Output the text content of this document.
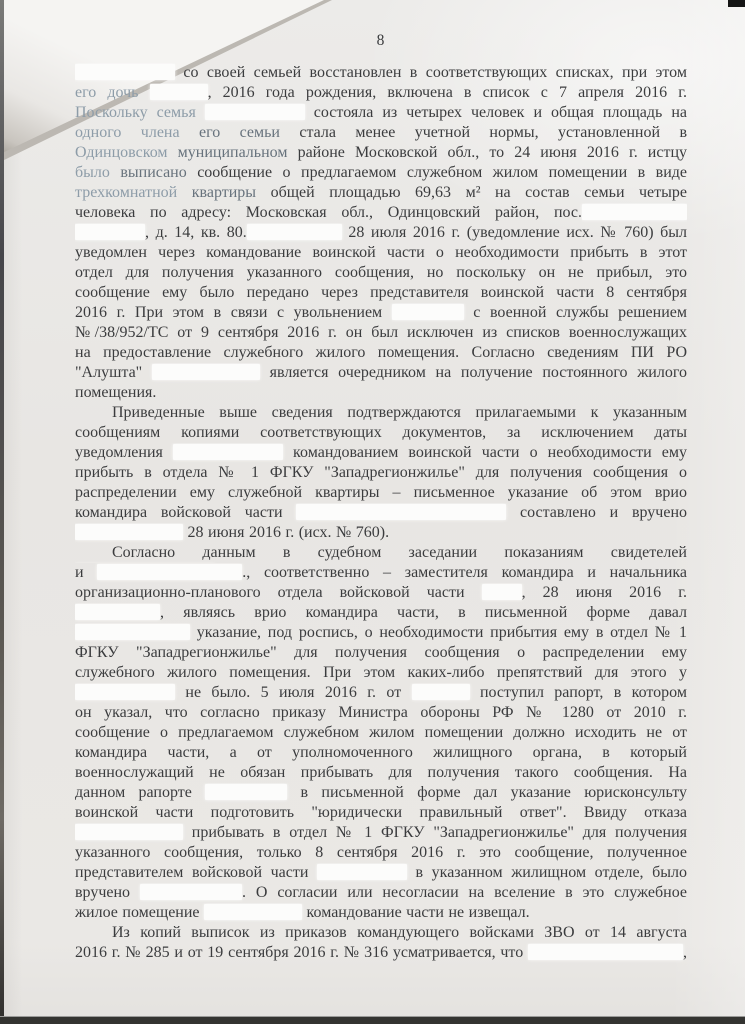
8
со своей семьей восстановлен в соответствующих списках, при этом
его дочь	, 2016 года рождения, включена в список с 7 апреля 2016 г.
Поскольку семья	состояла из четырех человек и общая площадь на
одного члена его семьи стала менее учетной нормы, установленной в
Одинцовском муниципальном районе Московской обл., то 24 июня 2016 г. истцу
было выписано сообщение о предлагаемом служебном жилом помещении в виде
трехкомнатной квартиры общей площадью 69,63 м² на состав семьи четыре
человека по адресу: Московская обл., Одинцовский район, пос.
, д. 14, кв. 80.	28 июля 2016 г. (уведомление исх. № 760) был
уведомлен через командование воинской части о необходимости прибыть в этот
отдел для получения указанного сообщения, но поскольку он не прибыл, это
сообщение ему было передано через представителя воинской части 8 сентября
2016 г. При этом в связи с увольнением	с военной службы решением
№/38/952/ТС от 9 сентября 2016 г. он был исключен из списков военнослужащих
на предоставление служебного жилого помещения. Согласно сведениям ПИ РО
"Алушта"	является очередником на получение постоянного жилого
помещения.
Приведенные выше сведения подтверждаются прилагаемыми к указанным
сообщениям копиями соответствующих документов, за исключением даты
уведомления	командованием воинской части о необходимости ему
прибыть в отдела № 1 ФГКУ "Западрегионжилье" для получения сообщения о
распределении ему служебной квартиры – письменное указание об этом врио
командира войсковой части	составлено и вручено
28 июня 2016 г. (исх. № 760).
Согласно данным в судебном заседании показаниям свидетелей
и	., соответственно – заместителя командира и начальника
организационно-планового отдела войсковой части	, 28 июня 2016 г.
, являясь врио командира части, в письменной форме давал
указание, под роспись, о необходимости прибытия ему в отдел № 1
ФГКУ "Западрегионжилье" для получения сообщения о распределении ему
служебного жилого помещения. При этом каких-либо препятствий для этого у
не было. 5 июля 2016 г. от	поступил рапорт, в котором
он указал, что согласно приказу Министра обороны РФ № 1280 от 2010 г.
сообщение о предлагаемом служебном жилом помещении должно исходить не от
командира части, а от уполномоченного жилищного органа, в который
военнослужащий не обязан прибывать для получения такого сообщения. На
данном рапорте	в письменной форме дал указание юрисконсульту
воинской части подготовить "юридически правильный ответ". Ввиду отказа
прибывать в отдел № 1 ФГКУ "Западрегионжилье" для получения
указанного сообщения, только 8 сентября 2016 г. это сообщение, полученное
представителем войсковой части	в указанном жилищном отделе, было
вручено	. О согласии или несогласии на вселение в это служебное
жилое помещение	командование части не извещал.
Из копий выписок из приказов командующего войсками ЗВО от 14 августа
2016 г. № 285 и от 19 сентября 2016 г. № 316 усматривается, что	,
